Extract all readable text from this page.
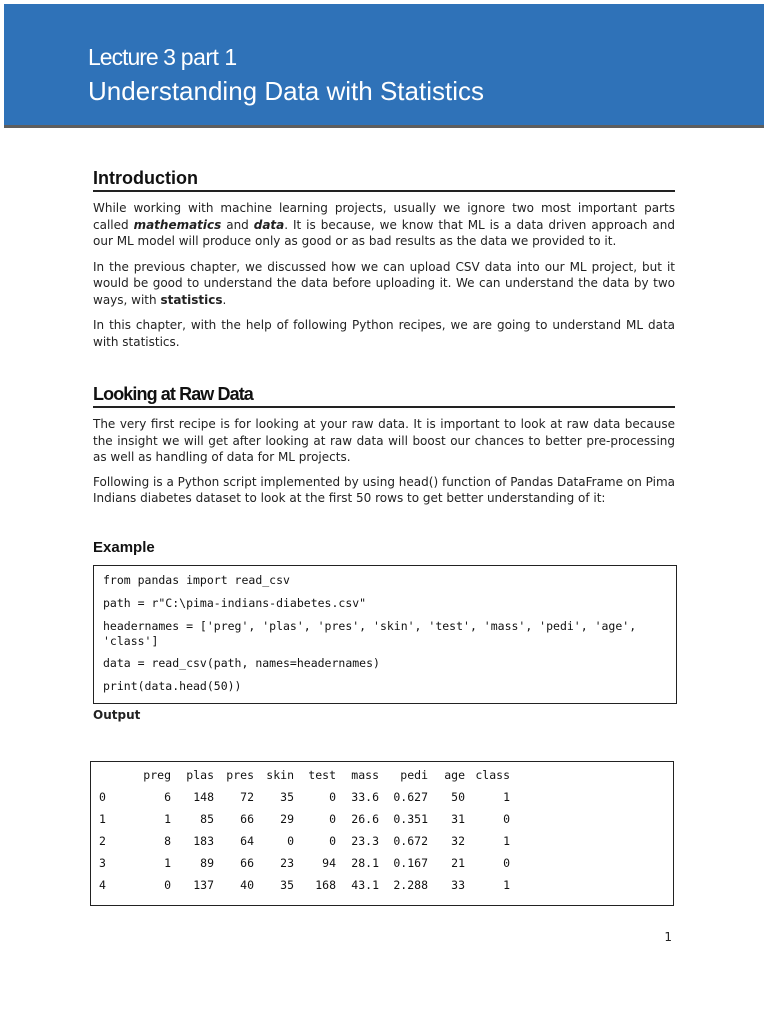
Lecture 3 part 1
Understanding Data with Statistics
Introduction

While working with machine learning projects, usually we ignore two most important parts called mathematics and data. It is because, we know that ML is a data driven approach and our ML model will produce only as good or as bad results as the data we provided to it.

In the previous chapter, we discussed how we can upload CSV data into our ML project, but it would be good to understand the data before uploading it. We can understand the data by two ways, with statistics.

In this chapter, with the help of following Python recipes, we are going to understand ML data with statistics.

Looking at Raw Data

The very first recipe is for looking at your raw data. It is important to look at raw data because the insight we will get after looking at raw data will boost our chances to better pre-processing as well as handling of data for ML projects.

Following is a Python script implemented by using head() function of Pandas DataFrame on Pima Indians diabetes dataset to look at the first 50 rows to get better understanding of it:

Example
from pandas import read_csv
path = r"C:\pima-indians-diabetes.csv"
headernames = ['preg', 'plas', 'pres', 'skin', 'test', 'mass', 'pedi', 'age', 'class']
data = read_csv(path, names=headernames)
print(data.head(50))
Output
	preg	plas	pres	skin	test	mass	pedi	age	class
0	6	148	72	35	0	33.6	0.627	50	1
1	1	85	66	29	0	26.6	0.351	31	0
2	8	183	64	0	0	23.3	0.672	32	1
3	1	89	66	23	94	28.1	0.167	21	0
4	0	137	40	35	168	43.1	2.288	33	1
1
